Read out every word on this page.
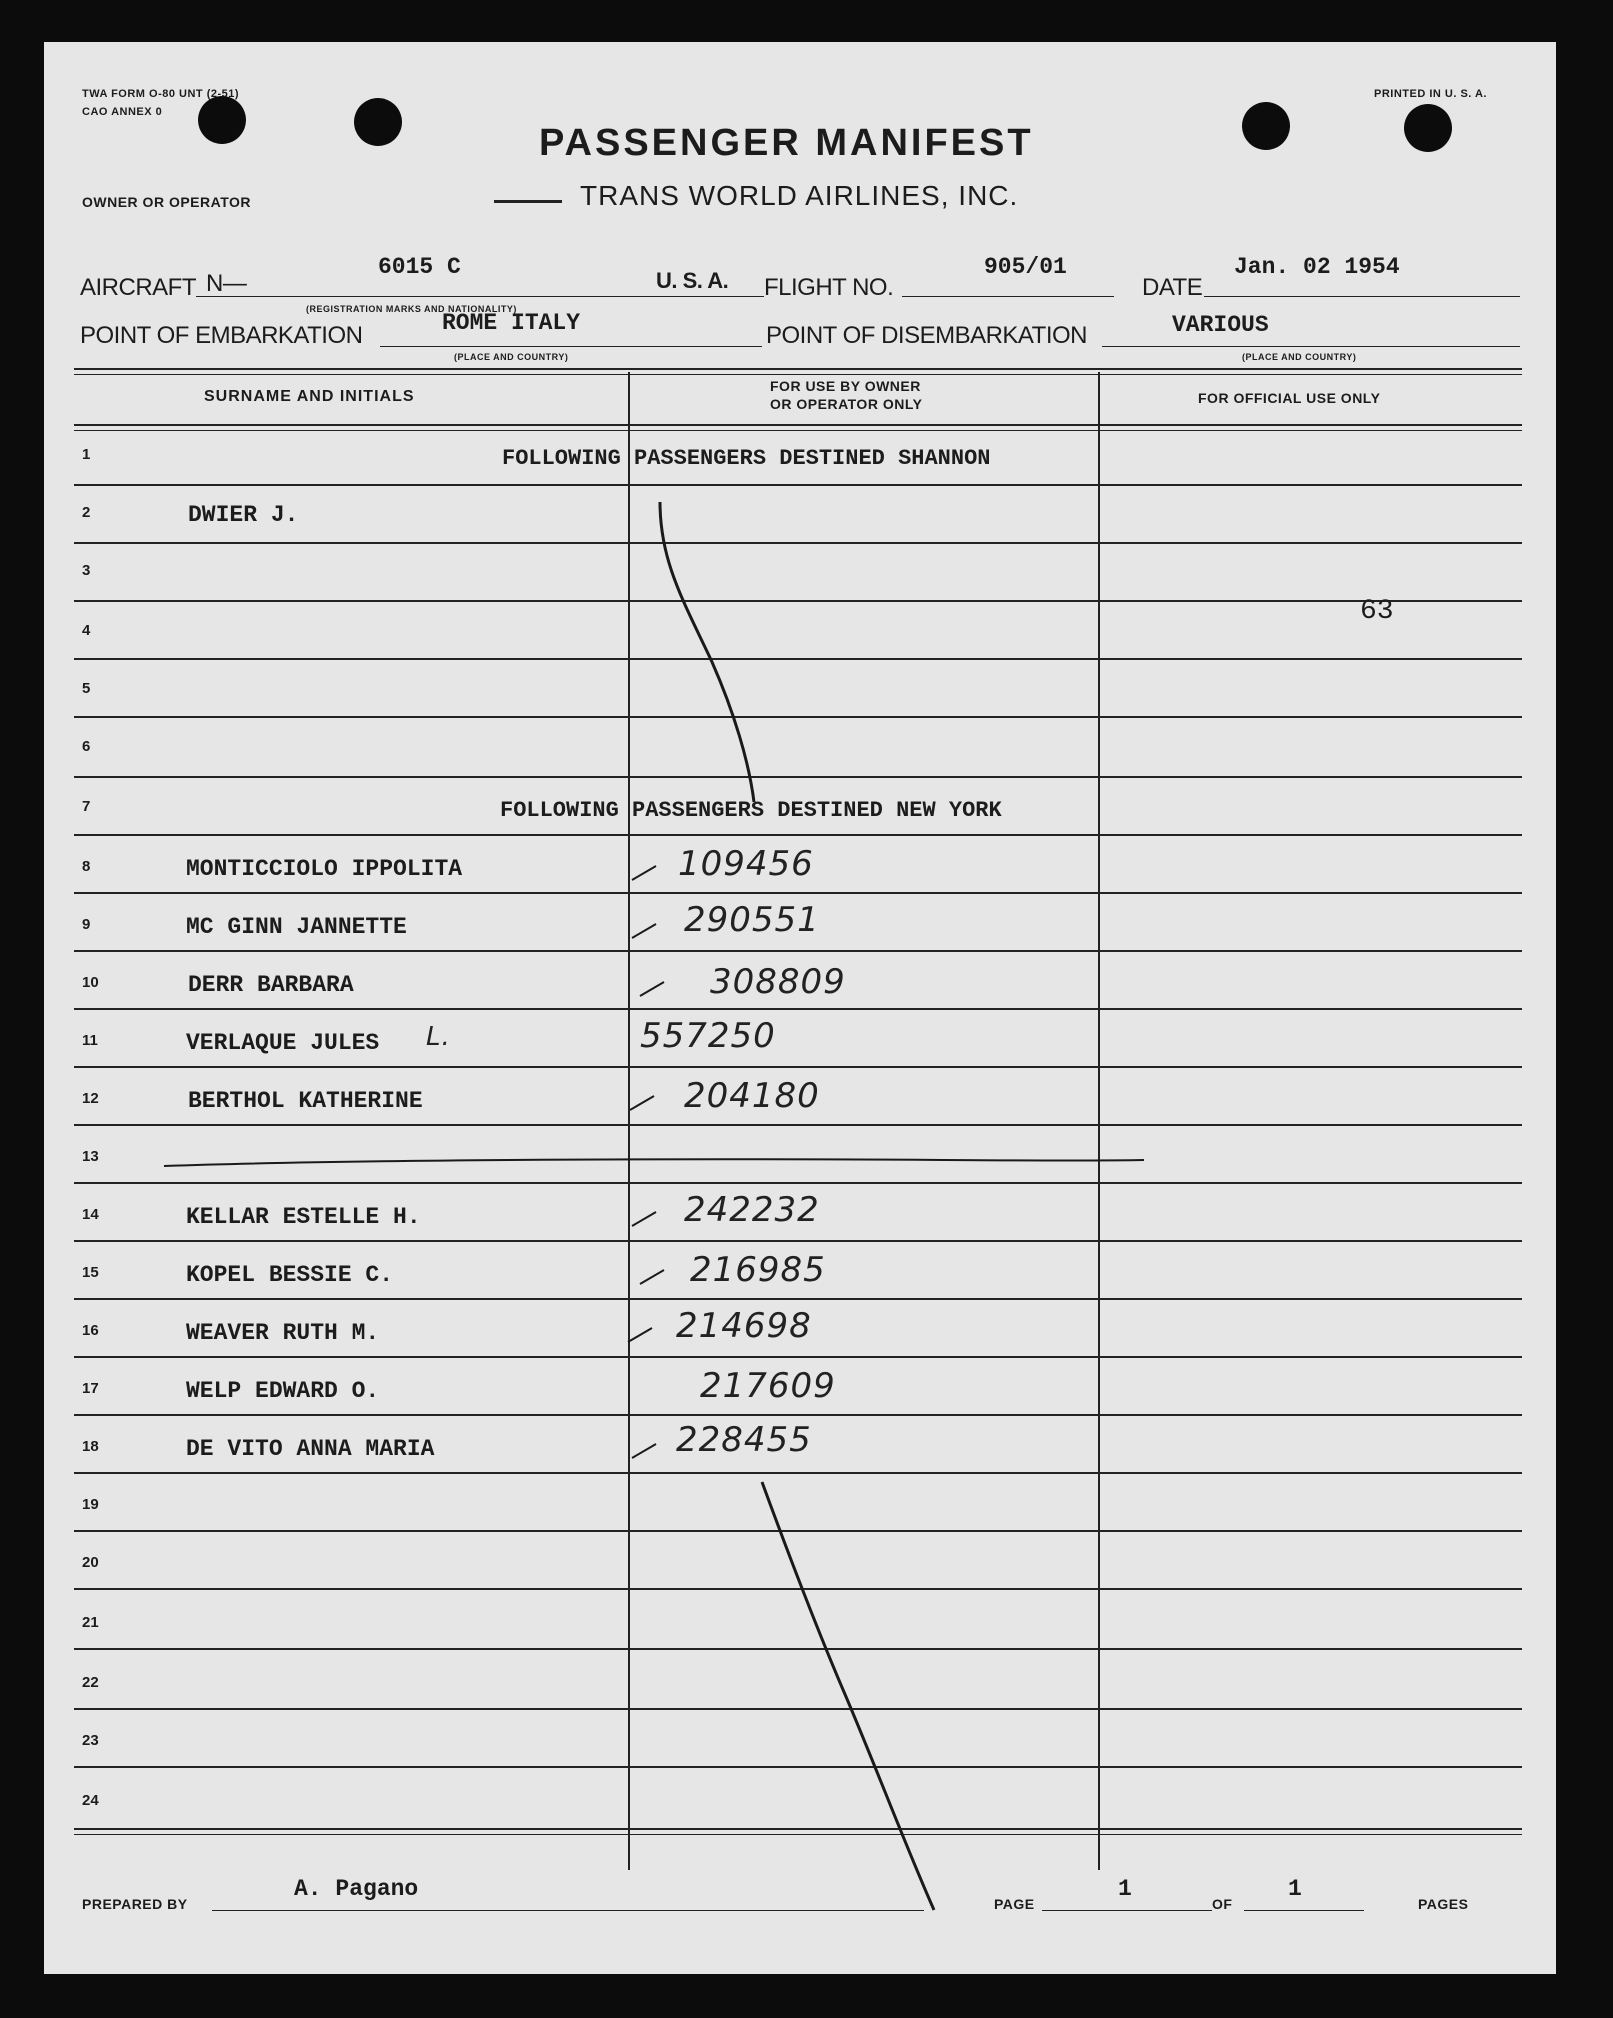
TWA FORM O-80 UNT (2-51)
CAO ANNEX 0
PRINTED IN U. S. A.
PASSENGER MANIFEST
OWNER OR OPERATOR	TRANS WORLD AIRLINES, INC.
AIRCRAFT N—
6015 C
U. S. A.
(REGISTRATION MARKS AND NATIONALITY)
FLIGHT NO.
905/01
DATE
Jan. 02 1954
POINT OF EMBARKATION	ROME ITALY
(PLACE AND COUNTRY)
POINT OF DISEMBARKATION	VARIOUS
(PLACE AND COUNTRY)
SURNAME AND INITIALS
FOR USE BY OWNER
OR OPERATOR ONLY	FOR OFFICIAL USE ONLY
1	FOLLOWING PASSENGERS DESTINED SHANNON
2	DWIER J.
3
4
63
5
6
7	FOLLOWING PASSENGERS DESTINED NEW YORK
8	MONTICCIOLO IPPOLITA	109456
9	MC GINN JANNETTE	290551
10	DERR BARBARA	308809
11	VERLAQUE JULES L.	557250
12	BERTHOL KATHERINE	204180
13
14	KELLAR ESTELLE H.	242232
15	KOPEL BESSIE C.	216985
16	WEAVER RUTH M.	214698
17	WELP EDWARD O.	217609
18	DE VITO ANNA MARIA	228455
19
20
21
22
23
24
PREPARED BY
A. Pagano
PAGE
1
OF
1
PAGES
